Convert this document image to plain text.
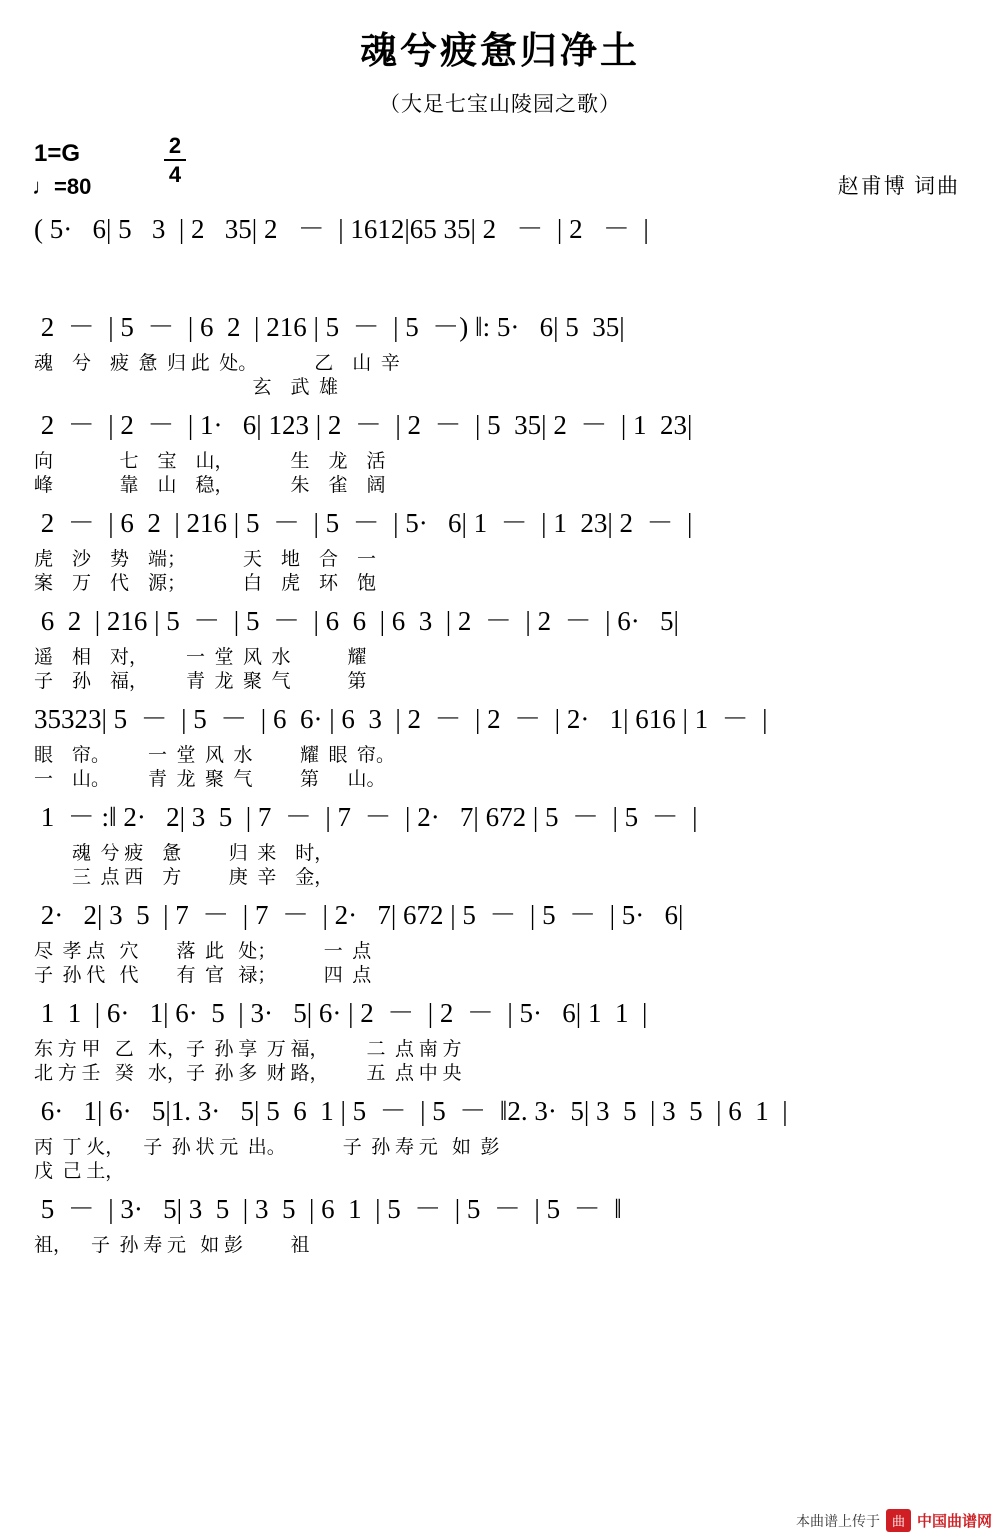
魂兮疲惫归净土
（大足七宝山陵园之歌）
1=G
♩=80
2
4	赵甫博 词曲
( 5·   6| 5   3  | 2   35| 2   －  | 1612|65 35| 2   －  | 2   －  |
2  －  | 5  －  | 6  2  | 216 | 5  －  | 5  －) ‖: 5·   6| 5  35|
魂    兮    疲  惫  归 此  处。            乙    山  辛
玄    武  雄
2  －  | 2  －  | 1·   6| 123 | 2  －  | 2  －  | 5  35| 2  －  | 1  23|
向              七    宝    山，            生    龙    活
峰              靠    山    稳，            朱    雀    阔
2  －  | 6  2  | 216 | 5  －  | 5  －  | 5·   6| 1  －  | 1  23| 2  －  |
虎    沙    势    端；            天    地    合    一
案    万    代    源；            白    虎    环    饱
6  2  | 216 | 5  －  | 5  －  | 6  6  | 6  3  | 2  －  | 2  －  | 6·   5|
遥    相    对，        一  堂  风  水            耀
子    孙    福，        青  龙  聚  气            第
35323| 5  －  | 5  －  | 6  6· | 6  3  | 2  －  | 2  －  | 2·   1| 616 | 1  －  |
眼    帘。        一  堂  风  水          耀  眼  帘。
一    山。        青  龙  聚  气          第      山。
1  － :‖ 2·   2| 3  5  | 7  －  | 7  －  | 2·   7| 672 | 5  －  | 5  －  |
魂  兮 疲    惫          归  来    时，
三  点 西    方          庚  辛    金，
2·   2| 3  5  | 7  －  | 7  －  | 2·   7| 672 | 5  －  | 5  －  | 5·   6|
尽  孝 点   穴        落  此   处；          一  点
子  孙 代   代        有  官   禄；          四  点
1  1  | 6·   1| 6·  5  | 3·   5| 6· | 2  －  | 2  －  | 5·   6| 1  1  |
东 方 甲   乙   木，子  孙 享  万 福，        二  点 南 方
北 方 壬   癸   水，子  孙 多  财 路，        五  点 中 央
6·   1| 6·   5|1. 3·   5| 5  6  1 | 5  －  | 5  －  ‖2. 3·  5| 3  5  | 3  5  | 6  1  |
丙  丁 火，    子  孙 状 元  出。            子  孙 寿 元   如  彭
戊  己 土，
5  －  | 3·   5| 3  5  | 3  5  | 6  1  | 5  －  | 5  －  | 5  －  ‖
祖，    子  孙 寿 元   如 彭          祖
本曲谱上传于 曲 中国曲谱网
